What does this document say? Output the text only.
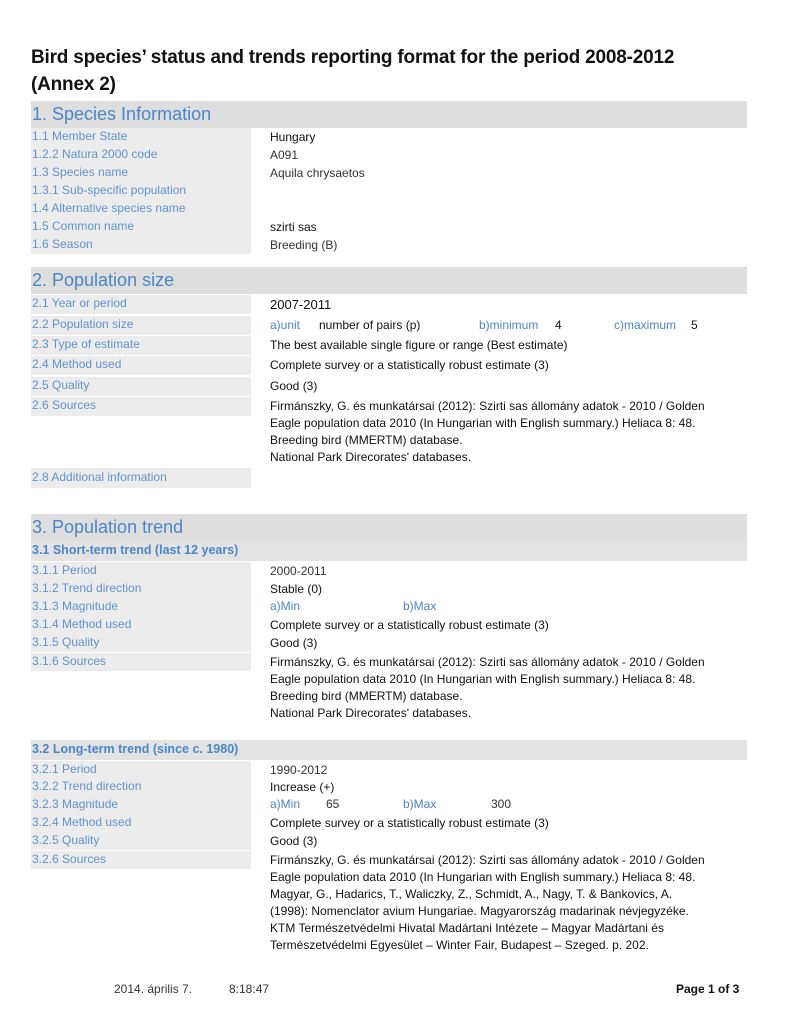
Bird species’ status and trends reporting format for the period 2008-2012
(Annex 2)
1. Species Information
1.1 Member State	Hungary
1.2.2 Natura 2000 code	A091
1.3 Species name	Aquila chrysaetos
1.3.1 Sub-specific population
1.4 Alternative species name
1.5 Common name	szirti sas
1.6 Season	Breeding (B)
2. Population size
2.1 Year or period	2007-2011
2.2 Population size	a)unit number of pairs (p)	b)minimum 4	c)maximum 5
2.3 Type of estimate	The best available single figure or range (Best estimate)
2.4 Method used	Complete survey or a statistically robust estimate (3)
2.5 Quality	Good (3)
2.6 Sources	Firmánszky, G. és munkatársai (2012): Szirti sas állomány adatok - 2010 / Golden
Eagle population data 2010 (In Hungarian with English summary.) Heliaca 8: 48.
Breeding bird (MMERTM) database.
National Park Direcorates' databases.
2.8 Additional information
3. Population trend
3.1 Short-term trend (last 12 years)
3.1.1 Period	2000-2011
3.1.2 Trend direction	Stable (0)
3.1.3 Magnitude	a)Min	b)Max
3.1.4 Method used	Complete survey or a statistically robust estimate (3)
3.1.5 Quality	Good (3)
3.1.6 Sources	Firmánszky, G. és munkatársai (2012): Szirti sas állomány adatok - 2010 / Golden
Eagle population data 2010 (In Hungarian with English summary.) Heliaca 8: 48.
Breeding bird (MMERTM) database.
National Park Direcorates' databases.
3.2 Long-term trend (since c. 1980)
3.2.1 Period	1990-2012
3.2.2 Trend direction	Increase (+)
3.2.3 Magnitude	a)Min 65	b)Max	300
3.2.4 Method used	Complete survey or a statistically robust estimate (3)
3.2.5 Quality	Good (3)
3.2.6 Sources	Firmánszky, G. és munkatársai (2012): Szirti sas állomány adatok - 2010 / Golden
Eagle population data 2010 (In Hungarian with English summary.) Heliaca 8: 48.
Magyar, G., Hadarics, T., Waliczky, Z., Schmidt, A., Nagy, T. & Bankovics, A.
(1998): Nomenclator avium Hungariae. Magyarország madarinak névjegyzéke.
KTM Természetvédelmi Hivatal Madártani Intézete – Magyar Madártani és
Természetvédelmi Egyesület – Winter Fair, Budapest – Szeged. p. 202.
2014. április 7.	8:18:47	Page 1 of 3
